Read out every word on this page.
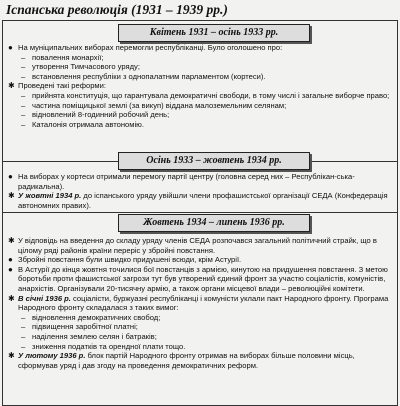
Іспанська революція (1931 – 1939 рр.)
Квітень 1931 – осінь 1933 рр.
● На муніципальних виборах перемогли республіканці. Було оголошено про:
– повалення монархії;
– утворення Тимчасового уряду;
– встановлення республіки з однопалатним парламентом (кортеси).
✱ Проведені такі реформи:
– прийнята конституція, що гарантувала демократичні свободи, в тому числі і загальне виборче право;
– частина поміщицької землі (за викуп) віддана малоземельним селянам;
– відновлений 8-годинний робочий день;
– Каталонія отримала автономію.
Осінь 1933 – жовтень 1934 рр.
● На виборах у кортеси отримали перемогу партії центру (головна серед них – Республікан-ська-радикальна).
✱ У жовтні 1934 р. до іспанського уряду увійшли члени профашистської організації СЕДА (Конфедерація автономних правих).
Жовтень 1934 – липень 1936 рр.
✱ У відповідь на введення до складу уряду членів СЕДА розпочався загальний політичний страйк, що в цілому ряді районів країни переріс у збройні повстання.
● Збройні повстання були швидко придушені всюди, крім Астурії.
● В Астурії до кінця жовтня точилися бої повстанців з армією, кинутою на придушення повстання. З метою боротьби проти фашистської загрози тут був утворений єдиний фронт за участю соціалістів, комуністів, анархістів. Організували 20-тисячну армію, а також органи місцевої влади – революційні комітети.
✱ В січні 1936 р. соціалісти, буржуазні республіканці і комуністи уклали пакт Народного фронту. Програма Народного фронту складалася з таких вимог:
– відновлення демократичних свобод;
– підвищення заробітної платні;
– наділення землею селян і батраків;
– зниження податків та орендної плати тощо.
✱ У лютому 1936 р. блок партій Народного фронту отримав на виборах більше половини місць, сформував уряд і дав згоду на проведення демократичних реформ.
